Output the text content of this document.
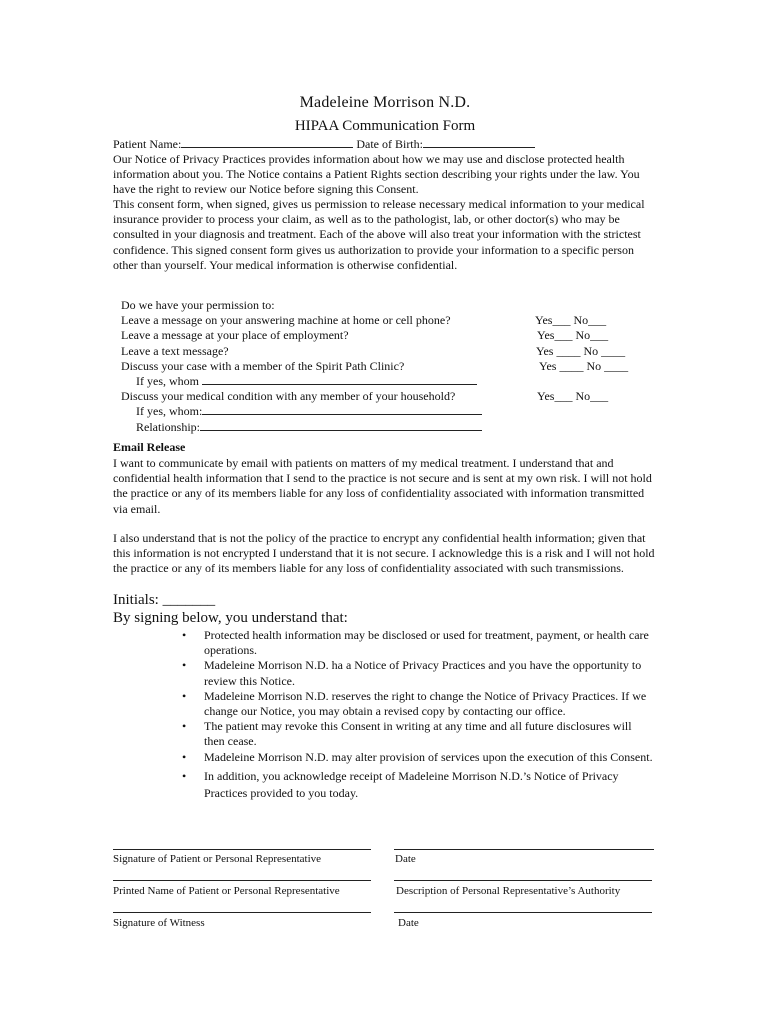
Madeleine Morrison N.D.
HIPAA Communication Form
Patient Name:	Date of Birth:

Our Notice of Privacy Practices provides information about how we may use and disclose protected health information about you. The Notice contains a Patient Rights section describing your rights under the law. You have the right to review our Notice before signing this Consent.

This consent form, when signed, gives us permission to release necessary medical information to your medical insurance provider to process your claim, as well as to the pathologist, lab, or other doctor(s) who may be consulted in your diagnosis and treatment. Each of the above will also treat your information with the strictest confidence. This signed consent form gives us authorization to provide your information to a specific person other than yourself. Your medical information is otherwise confidential.

Do we have your permission to:
Leave a message on your answering machine at home or cell phone?	Yes___ No___
Leave a message at your place of employment?	Yes___ No___
Leave a text message?	Yes ____ No ____
Discuss your case with a member of the Spirit Path Clinic?	Yes ____ No ____
If yes, whom
Discuss your medical condition with any member of your household?	Yes___ No___
If yes, whom:
Relationship:
Email Release

I want to communicate by email with patients on matters of my medical treatment. I understand that and confidential health information that I send to the practice is not secure and is sent at my own risk. I will not hold the practice or any of its members liable for any loss of confidentiality associated with information transmitted via email.

I also understand that is not the policy of the practice to encrypt any confidential health information; given that this information is not encrypted I understand that it is not secure. I acknowledge this is a risk and I will not hold the practice or any of its members liable for any loss of confidentiality associated with such transmissions.

Initials: _______
By signing below, you understand that:
• Protected health information may be disclosed or used for treatment, payment, or health care operations.
• Madeleine Morrison N.D. ha a Notice of Privacy Practices and you have the opportunity to review this Notice.
• Madeleine Morrison N.D. reserves the right to change the Notice of Privacy Practices. If we change our Notice, you may obtain a revised copy by contacting our office.
• The patient may revoke this Consent in writing at any time and all future disclosures will then cease.
• Madeleine Morrison N.D. may alter provision of services upon the execution of this Consent.
• In addition, you acknowledge receipt of Madeleine Morrison N.D.’s Notice of Privacy Practices provided to you today.
Signature of Patient or Personal Representative	Date
Printed Name of Patient or Personal Representative	Description of Personal Representative’s Authority
Signature of Witness	Date
